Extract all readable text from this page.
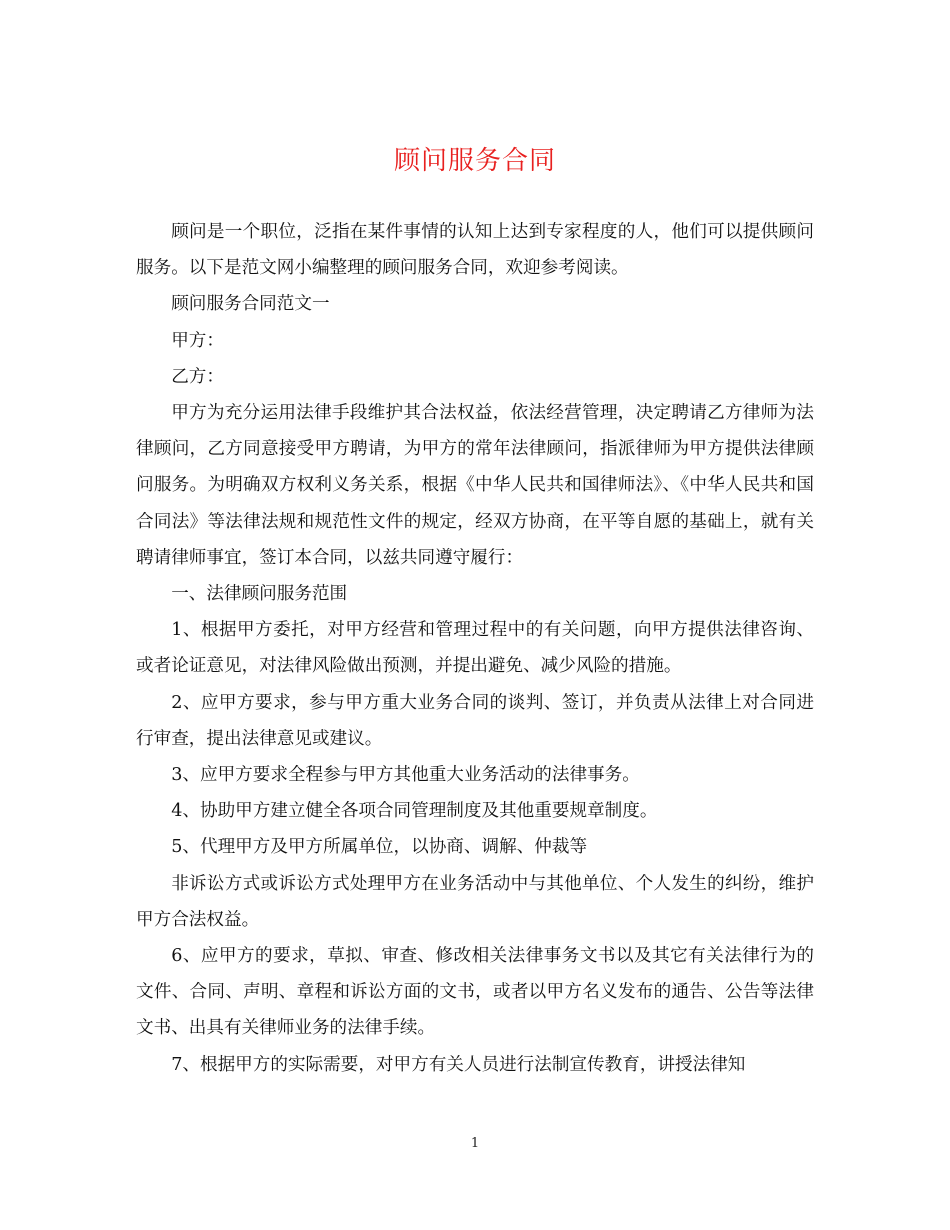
顾问服务合同

顾问是一个职位，泛指在某件事情的认知上达到专家程度的人，他们可以提供顾问服务。以下是范文网小编整理的顾问服务合同，欢迎参考阅读。

顾问服务合同范文一

甲方：

乙方：

甲方为充分运用法律手段维护其合法权益，依法经营管理，决定聘请乙方律师为法律顾问，乙方同意接受甲方聘请，为甲方的常年法律顾问，指派律师为甲方提供法律顾问服务。为明确双方权利义务关系，根据《中华人民共和国律师法》、《中华人民共和国合同法》等法律法规和规范性文件的规定，经双方协商，在平等自愿的基础上，就有关聘请律师事宜，签订本合同，以兹共同遵守履行：

一、法律顾问服务范围

1、根据甲方委托，对甲方经营和管理过程中的有关问题，向甲方提供法律咨询、或者论证意见，对法律风险做出预测，并提出避免、减少风险的措施。

2、应甲方要求，参与甲方重大业务合同的谈判、签订，并负责从法律上对合同进行审查，提出法律意见或建议。

3、应甲方要求全程参与甲方其他重大业务活动的法律事务。

4、协助甲方建立健全各项合同管理制度及其他重要规章制度。

5、代理甲方及甲方所属单位，以协商、调解、仲裁等

非诉讼方式或诉讼方式处理甲方在业务活动中与其他单位、个人发生的纠纷，维护甲方合法权益。

6、应甲方的要求，草拟、审查、修改相关法律事务文书以及其它有关法律行为的文件、合同、声明、章程和诉讼方面的文书，或者以甲方名义发布的通告、公告等法律文书、出具有关律师业务的法律手续。

7、根据甲方的实际需要，对甲方有关人员进行法制宣传教育，讲授法律知

1
